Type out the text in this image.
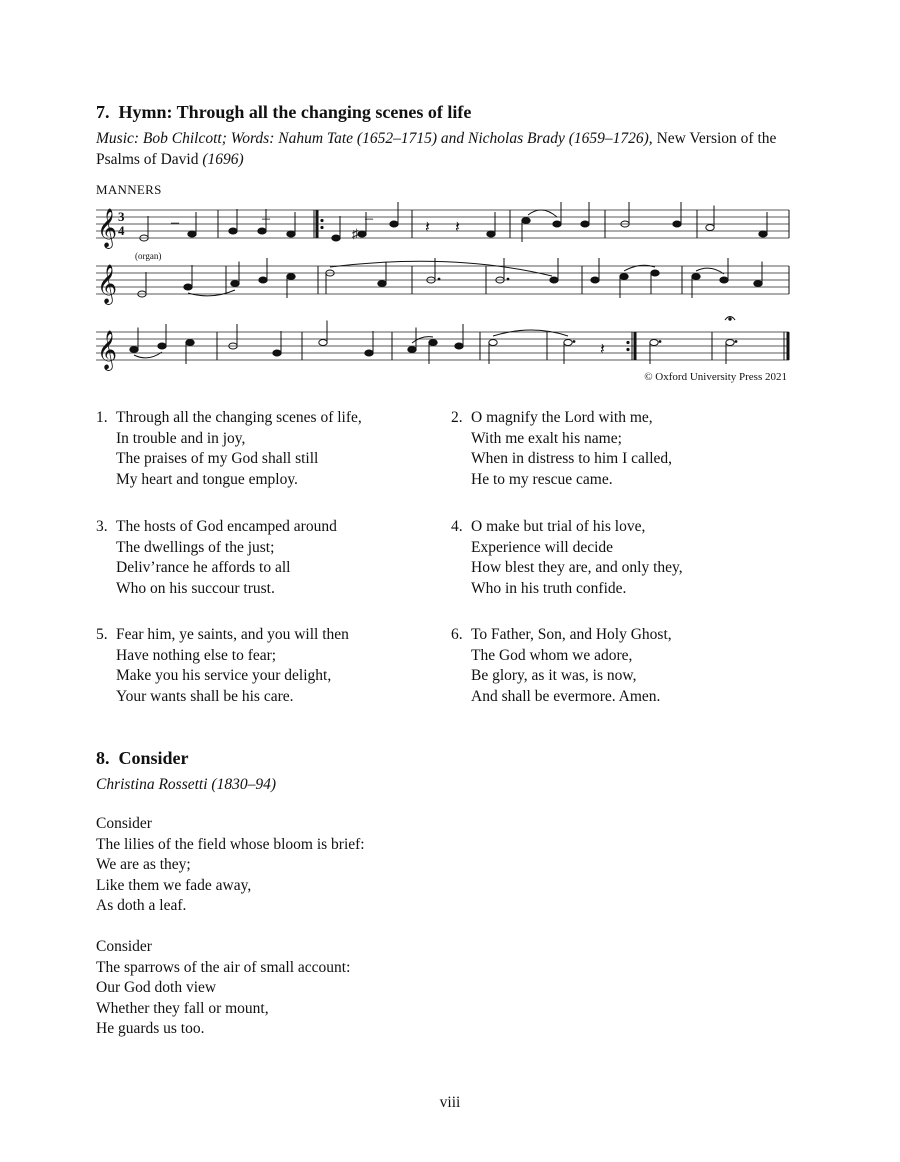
7. Hymn: Through all the changing scenes of life

Music: Bob Chilcott; Words: Nahum Tate (1652–1715) and Nicholas Brady (1659–1726), New Version of the Psalms of David (1696)

MANNERS
𝄞
𝄞
𝄞
3
4
(organ)
♯
–	–	–
𝄽 𝄽
𝄽
© Oxford University Press 2021
1. Through all the changing scenes of life,
In trouble and in joy,
The praises of my God shall still
My heart and tongue employ.
2. O magnify the Lord with me,
With me exalt his name;
When in distress to him I called,
He to my rescue came.
3. The hosts of God encamped around
The dwellings of the just;
Deliv’rance he affords to all
Who on his succour trust.
4. O make but trial of his love,
Experience will decide
How blest they are, and only they,
Who in his truth confide.
5. Fear him, ye saints, and you will then
Have nothing else to fear;
Make you his service your delight,
Your wants shall be his care.
6. To Father, Son, and Holy Ghost,
The God whom we adore,
Be glory, as it was, is now,
And shall be evermore. Amen.
8. Consider
Christina Rossetti (1830–94)
Consider
The lilies of the field whose bloom is brief:
We are as they;
Like them we fade away,
As doth a leaf.
Consider
The sparrows of the air of small account:
Our God doth view
Whether they fall or mount,
He guards us too.
viii
